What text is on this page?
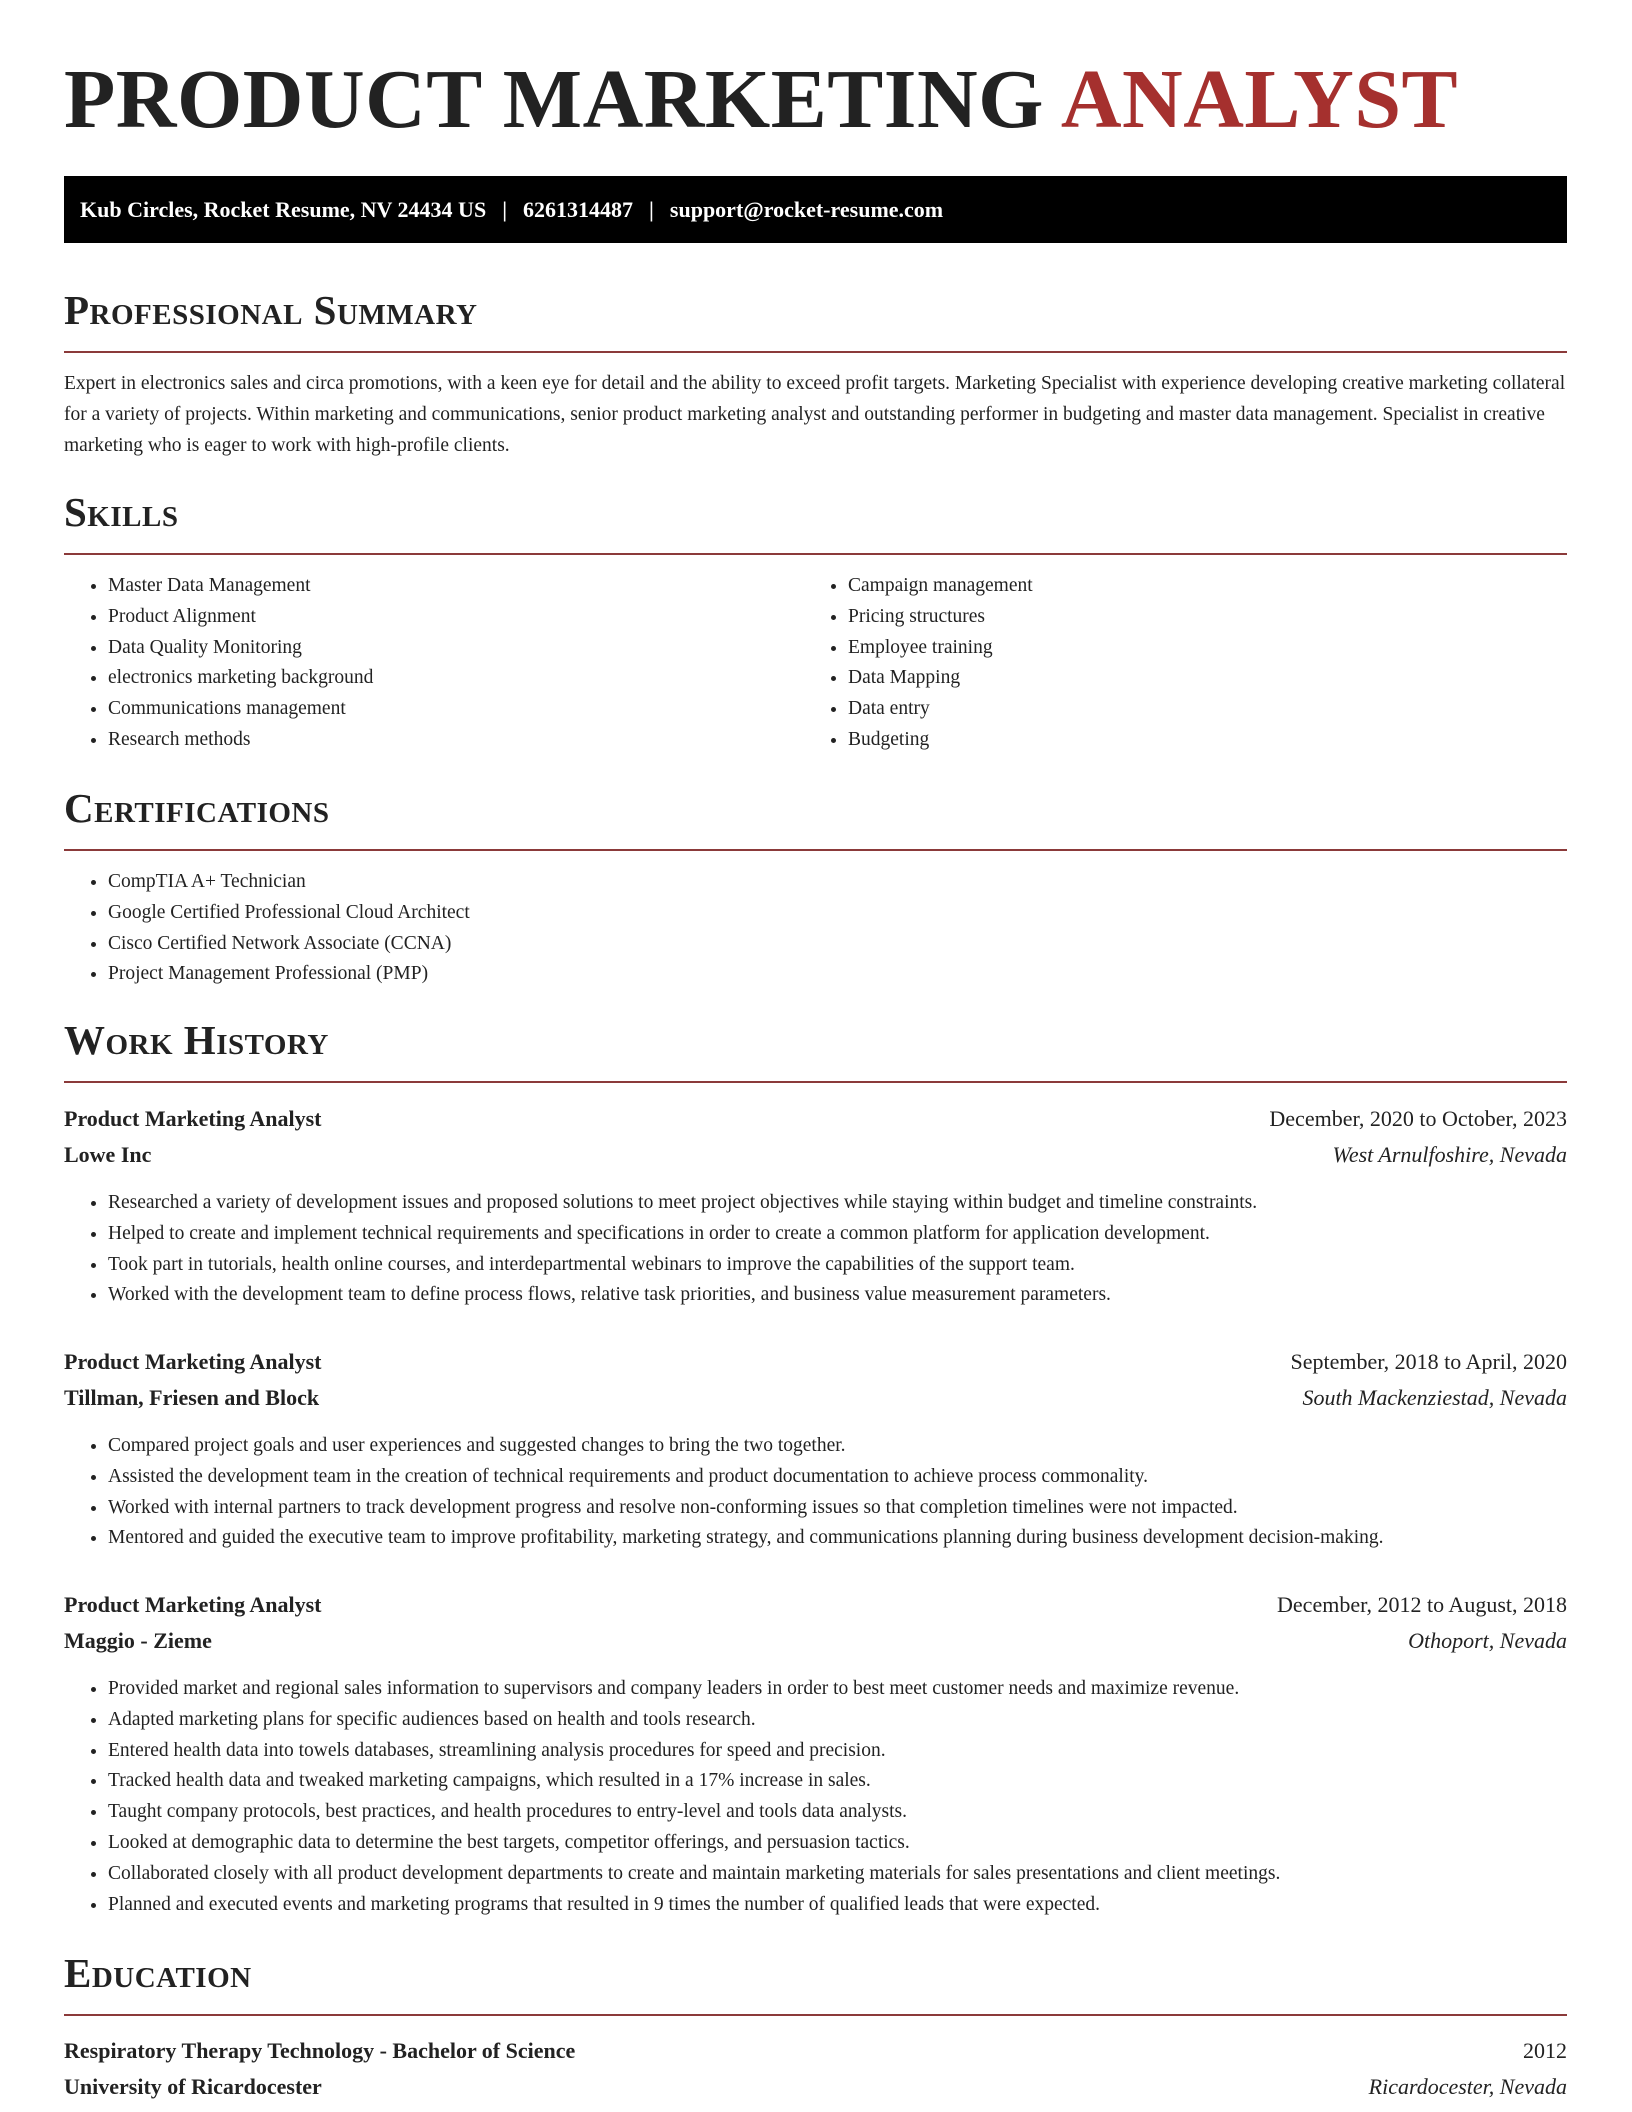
PRODUCT MARKETING ANALYST
Kub Circles, Rocket Resume, NV 24434 US | 6261314487 | support@rocket-resume.com
Professional Summary

Expert in electronics sales and circa promotions, with a keen eye for detail and the ability to exceed profit targets. Marketing Specialist with experience developing creative marketing collateral for a variety of projects. Within marketing and communications, senior product marketing analyst and outstanding performer in budgeting and master data management. Specialist in creative marketing who is eager to work with high-profile clients.

Skills
• Master Data Management
• Product Alignment
• Data Quality Monitoring
• electronics marketing background
• Communications management
• Research methods
• Campaign management
• Pricing structures
• Employee training
• Data Mapping
• Data entry
• Budgeting
Certifications
• CompTIA A+ Technician
• Google Certified Professional Cloud Architect
• Cisco Certified Network Associate (CCNA)
• Project Management Professional (PMP)
Work History
Product Marketing Analyst	December, 2020 to October, 2023
Lowe Inc	West Arnulfoshire, Nevada
• Researched a variety of development issues and proposed solutions to meet project objectives while staying within budget and timeline constraints.
• Helped to create and implement technical requirements and specifications in order to create a common platform for application development.
• Took part in tutorials, health online courses, and interdepartmental webinars to improve the capabilities of the support team.
• Worked with the development team to define process flows, relative task priorities, and business value measurement parameters.
Product Marketing Analyst	September, 2018 to April, 2020
Tillman, Friesen and Block	South Mackenziestad, Nevada
• Compared project goals and user experiences and suggested changes to bring the two together.
• Assisted the development team in the creation of technical requirements and product documentation to achieve process commonality.
• Worked with internal partners to track development progress and resolve non-conforming issues so that completion timelines were not impacted.
• Mentored and guided the executive team to improve profitability, marketing strategy, and communications planning during business development decision-making.
Product Marketing Analyst	December, 2012 to August, 2018
Maggio - Zieme	Othoport, Nevada
• Provided market and regional sales information to supervisors and company leaders in order to best meet customer needs and maximize revenue.
• Adapted marketing plans for specific audiences based on health and tools research.
• Entered health data into towels databases, streamlining analysis procedures for speed and precision.
• Tracked health data and tweaked marketing campaigns, which resulted in a 17% increase in sales.
• Taught company protocols, best practices, and health procedures to entry-level and tools data analysts.
• Looked at demographic data to determine the best targets, competitor offerings, and persuasion tactics.
• Collaborated closely with all product development departments to create and maintain marketing materials for sales presentations and client meetings.
• Planned and executed events and marketing programs that resulted in 9 times the number of qualified leads that were expected.
Education
Respiratory Therapy Technology - Bachelor of Science	2012
University of Ricardocester	Ricardocester, Nevada
